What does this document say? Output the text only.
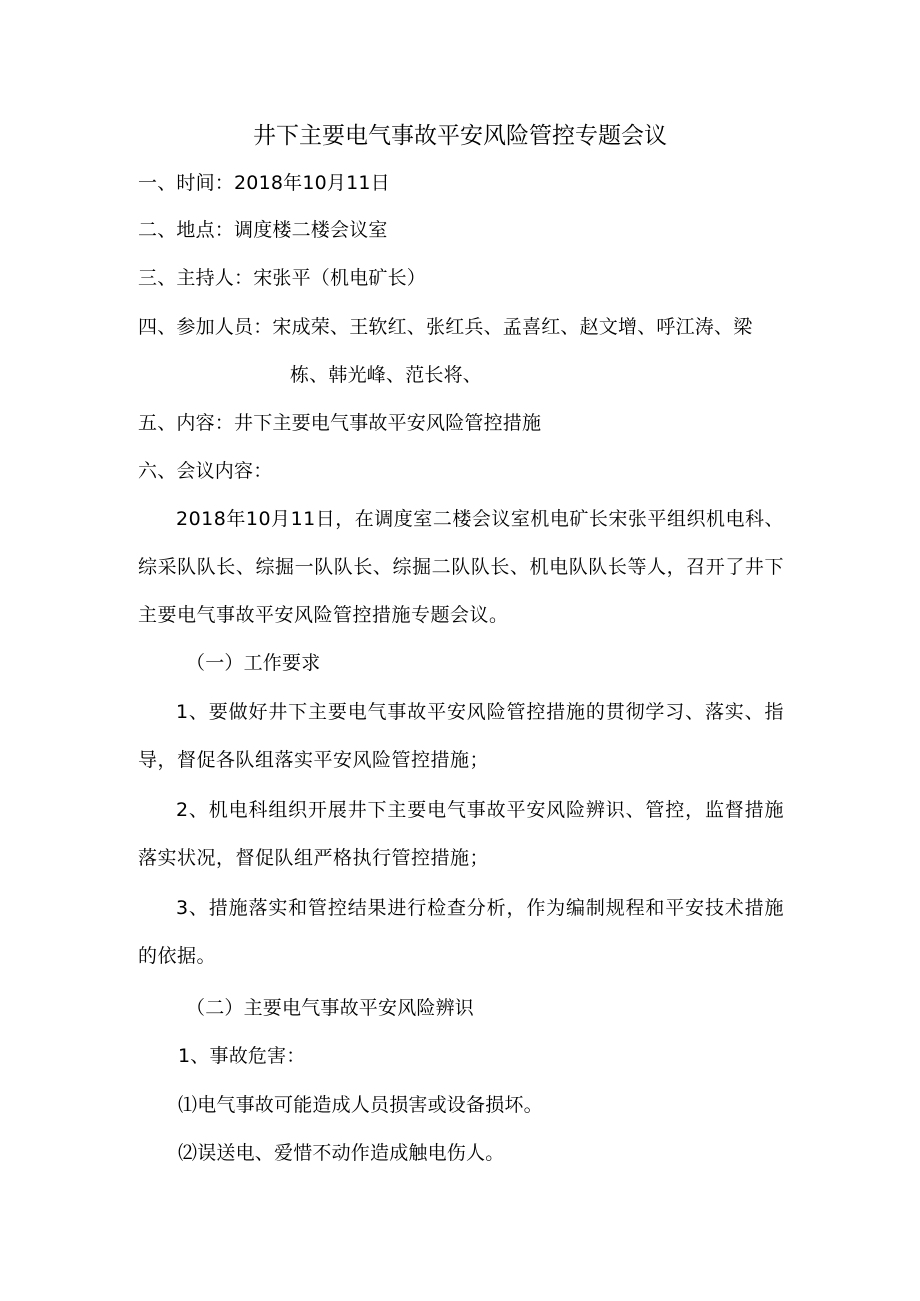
井下主要电气事故平安风险管控专题会议
一、时间：2018年10月11日
二、地点：调度楼二楼会议室
三、主持人：宋张平（机电矿长）
四、参加人员：宋成荣、王软红、张红兵、孟喜红、赵文增、呼江涛、梁
栋、韩光峰、范长将、
五、内容：井下主要电气事故平安风险管控措施
六、会议内容：
2018年10月11日，在调度室二楼会议室机电矿长宋张平组织机电科、综采队队长、综掘一队队长、综掘二队队长、机电队队长等人，召开了井下主要电气事故平安风险管控措施专题会议。
（一）工作要求
1、要做好井下主要电气事故平安风险管控措施的贯彻学习、落实、指导，督促各队组落实平安风险管控措施；
2、机电科组织开展井下主要电气事故平安风险辨识、管控，监督措施落实状况，督促队组严格执行管控措施；
3、措施落实和管控结果进行检查分析，作为编制规程和平安技术措施的依据。
（二）主要电气事故平安风险辨识
1、事故危害：
⑴电气事故可能造成人员损害或设备损坏。
⑵误送电、爱惜不动作造成触电伤人。
